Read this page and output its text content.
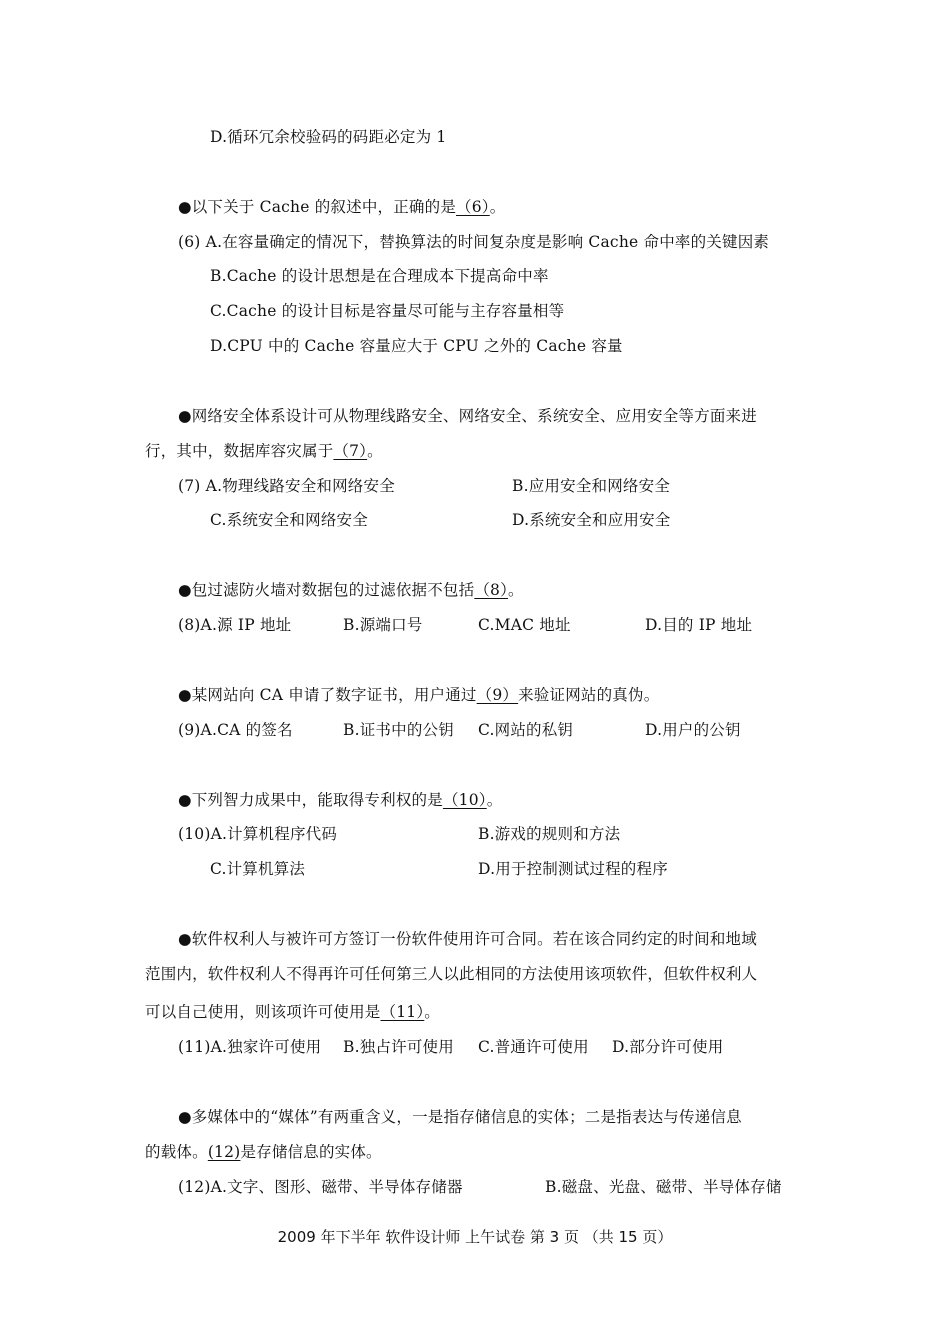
D.循环冗余校验码的码距必定为 1
●以下关于 Cache 的叙述中，正确的是（6）。
(6) A.在容量确定的情况下，替换算法的时间复杂度是影响 Cache 命中率的关键因素
B.Cache 的设计思想是在合理成本下提高命中率
C.Cache 的设计目标是容量尽可能与主存容量相等
D.CPU 中的 Cache 容量应大于 CPU 之外的 Cache 容量
●网络安全体系设计可从物理线路安全、网络安全、系统安全、应用安全等方面来进
行，其中，数据库容灾属于（7）。
(7) A.物理线路安全和网络安全	B.应用安全和网络安全
C.系统安全和网络安全	D.系统安全和应用安全
●包过滤防火墙对数据包的过滤依据不包括（8）。
(8)A.源 IP 地址	B.源端口号	C.MAC 地址	D.目的 IP 地址
●某网站向 CA 申请了数字证书，用户通过（9）来验证网站的真伪。
(9)A.CA 的签名	B.证书中的公钥 C.网站的私钥	D.用户的公钥
●下列智力成果中，能取得专利权的是（10）。
(10)A.计算机程序代码	B.游戏的规则和方法
C.计算机算法	D.用于控制测试过程的程序
●软件权利人与被许可方签订一份软件使用许可合同。若在该合同约定的时间和地域
范围内，软件权利人不得再许可任何第三人以此相同的方法使用该项软件，但软件权利人
可以自己使用，则该项许可使用是（11）。
(11)A.独家许可使用 B.独占许可使用 C.普通许可使用 D.部分许可使用
●多媒体中的“媒体”有两重含义，一是指存储信息的实体；二是指表达与传递信息
的载体。(12)是存储信息的实体。
(12)A.文字、图形、磁带、半导体存储器	B.磁盘、光盘、磁带、半导体存储
2009 年下半年 软件设计师 上午试卷 第 3 页 （共 15 页）
